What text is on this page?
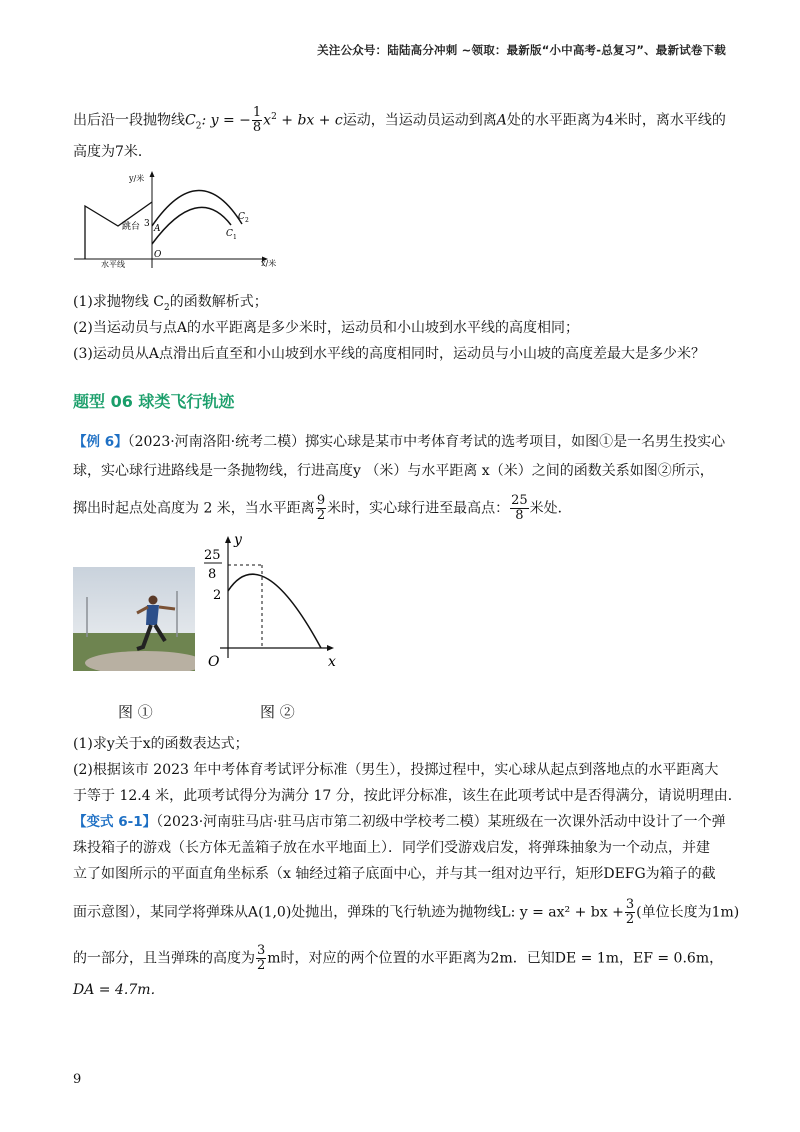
关注公众号：陆陆高分冲刺 ~领取：最新版“小中高考-总复习”、最新试卷下载
出后沿一段抛物线$C_2$: y = − $\frac{1}{8} x^2$ + bx + c运动，当运动员运动到离A处的水平距离为4米时，离水平线的
高度为7米．
y/米
x/米
跳台 3 A
O
水平线
C 2
C 1
(1)求抛物线 $C_2$的函数解析式；
(2)当运动员与点A的水平距离是多少米时，运动员和小山坡到水平线的高度相同；
(3)运动员从A点滑出后直至和小山坡到水平线的高度相同时，运动员与小山坡的高度差最大是多少米？
题型 06 球类飞行轨迹
【例 6】（2023·河南洛阳·统考二模）掷实心球是某市中考体育考试的选考项目，如图①是一名男生投实心
球，实心球行进路线是一条抛物线，行进高度y （米）与水平距离 x（米）之间的函数关系如图②所示，
掷出时起点处高度为 2 米，当水平距离 $\frac{9}{2}$ 米时，实心球行进至最高点： $\frac{25}{8}$ 米处．
y
x
O
25
8
2
图 ①	图 ②
(1)求y关于x的函数表达式；
(2)根据该市 2023 年中考体育考试评分标准（男生），投掷过程中，实心球从起点到落地点的水平距离大
于等于 12.4 米，此项考试得分为满分 17 分，按此评分标准，该生在此项考试中是否得满分，请说明理由．
【变式 6-1】（2023·河南驻马店·驻马店市第二初级中学校考二模）某班级在一次课外活动中设计了一个弹
珠投箱子的游戏（长方体无盖箱子放在水平地面上）．同学们受游戏启发，将弹珠抽象为一个动点，并建
立了如图所示的平面直角坐标系（x 轴经过箱子底面中心，并与其一组对边平行，矩形DEFG为箱子的截
面示意图），某同学将弹珠从A(1,0)处抛出，弹珠的飞行轨迹为抛物线L: y = ax² + bx + $\frac{3}{2}$ (单位长度为1m)
的一部分，且当弹珠的高度为 $\frac{3}{2}$ m时，对应的两个位置的水平距离为2m．已知DE = 1m，EF = 0.6m，
DA = 4.7m．
9
